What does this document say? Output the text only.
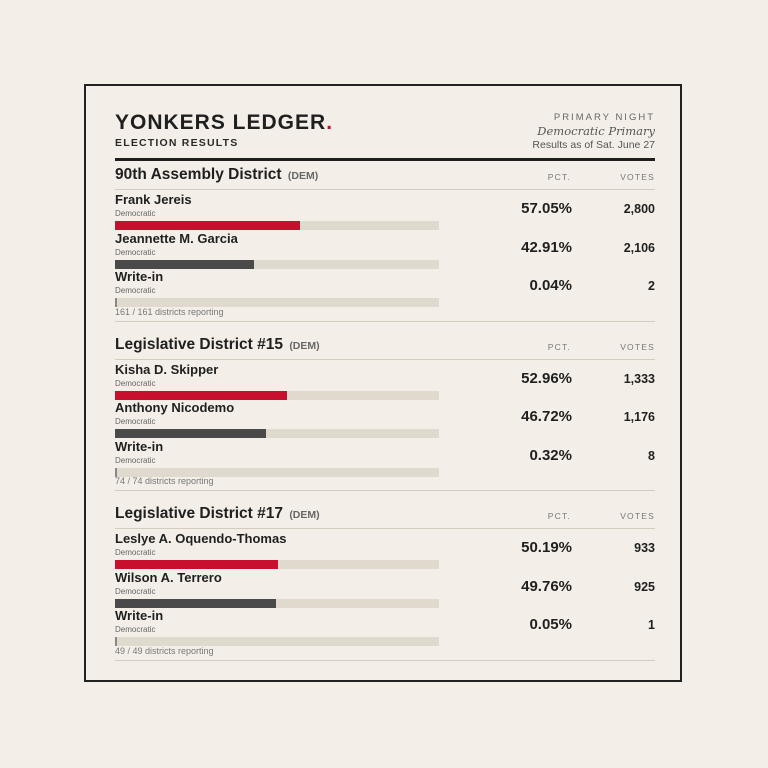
YONKERS LEDGER.
ELECTION RESULTS
PRIMARY NIGHT
Democratic Primary
Results as of Sat. June 27
90th Assembly District (DEM)	PCT.	VOTES
Frank Jereis
Democratic	57.05%	2,800
Jeannette M. Garcia
Democratic	42.91%	2,106
Write-in
Democratic	0.04%	2
161 / 161 districts reporting
Legislative District #15 (DEM)	PCT.	VOTES
Kisha D. Skipper
Democratic	52.96%	1,333
Anthony Nicodemo
Democratic	46.72%	1,176
Write-in
Democratic	0.32%	8
74 / 74 districts reporting
Legislative District #17 (DEM)	PCT.	VOTES
Leslye A. Oquendo-Thomas
Democratic	50.19%	933
Wilson A. Terrero
Democratic	49.76%	925
Write-in
Democratic	0.05%	1
49 / 49 districts reporting
